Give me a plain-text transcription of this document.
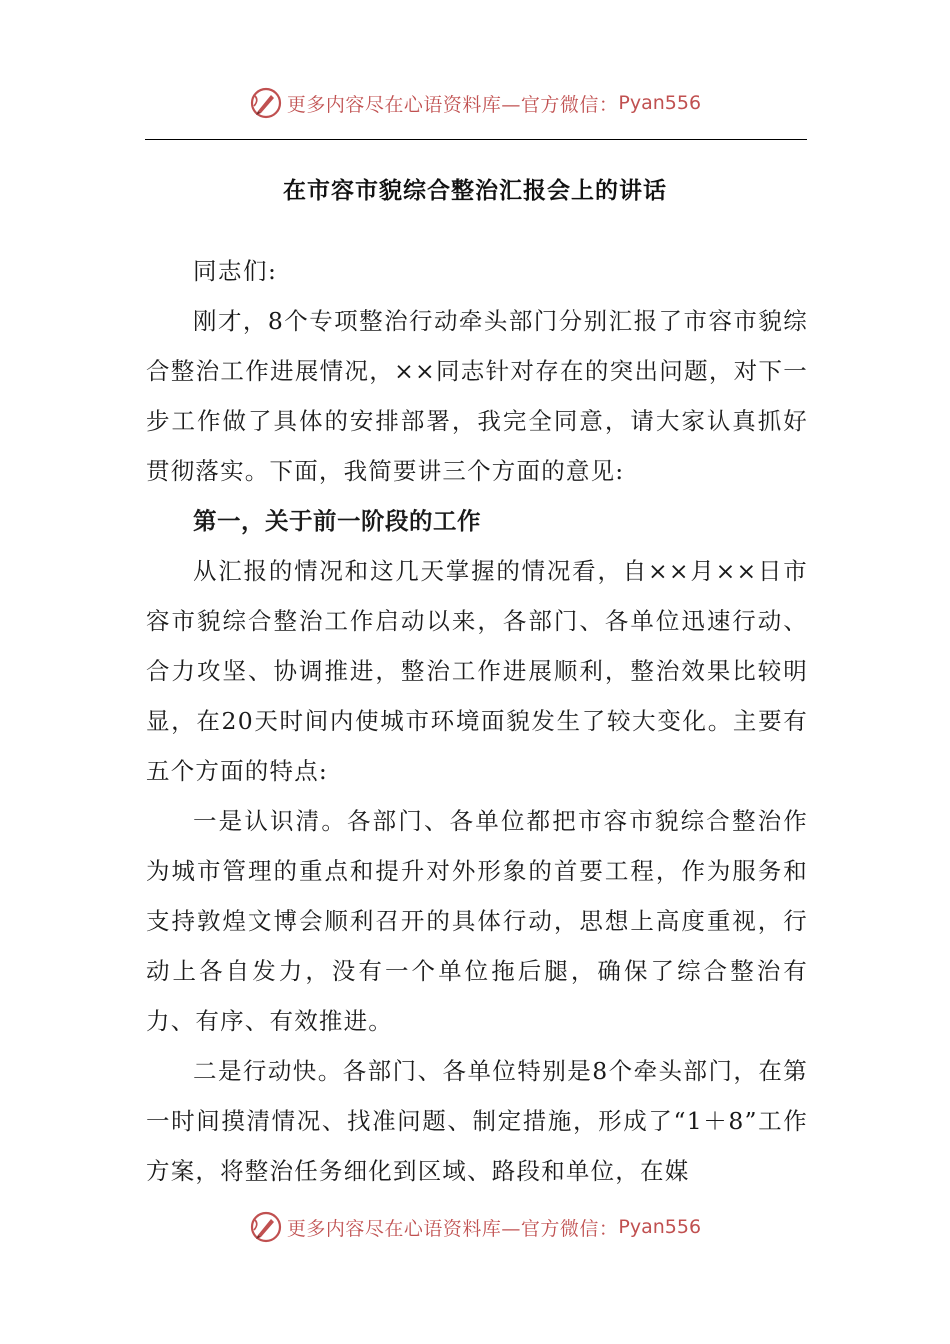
更多内容尽在心语资料库—官方微信： Pyan556
在市容市貌综合整治汇报会上的讲话

同志们:

刚才，8个专项整治行动牵头部门分别汇报了市容市貌综合整治工作进展情况，××同志针对存在的突出问题，对下一步工作做了具体的安排部署，我完全同意，请大家认真抓好贯彻落实。下面，我简要讲三个方面的意见:

第一，关于前一阶段的工作

从汇报的情况和这几天掌握的情况看，自××月××日市容市貌综合整治工作启动以来，各部门、各单位迅速行动、合力攻坚、协调推进，整治工作进展顺利，整治效果比较明显，在20天时间内使城市环境面貌发生了较大变化。主要有五个方面的特点:

一是认识清。各部门、各单位都把市容市貌综合整治作为城市管理的重点和提升对外形象的首要工程，作为服务和支持敦煌文博会顺利召开的具体行动，思想上高度重视，行动上各自发力，没有一个单位拖后腿，确保了综合整治有力、有序、有效推进。

二是行动快。各部门、各单位特别是8个牵头部门，在第一时间摸清情况、找准问题、制定措施，形成了“1＋8”工作方案，将整治任务细化到区域、路段和单位，在媒

更多内容尽在心语资料库—官方微信： Pyan556
